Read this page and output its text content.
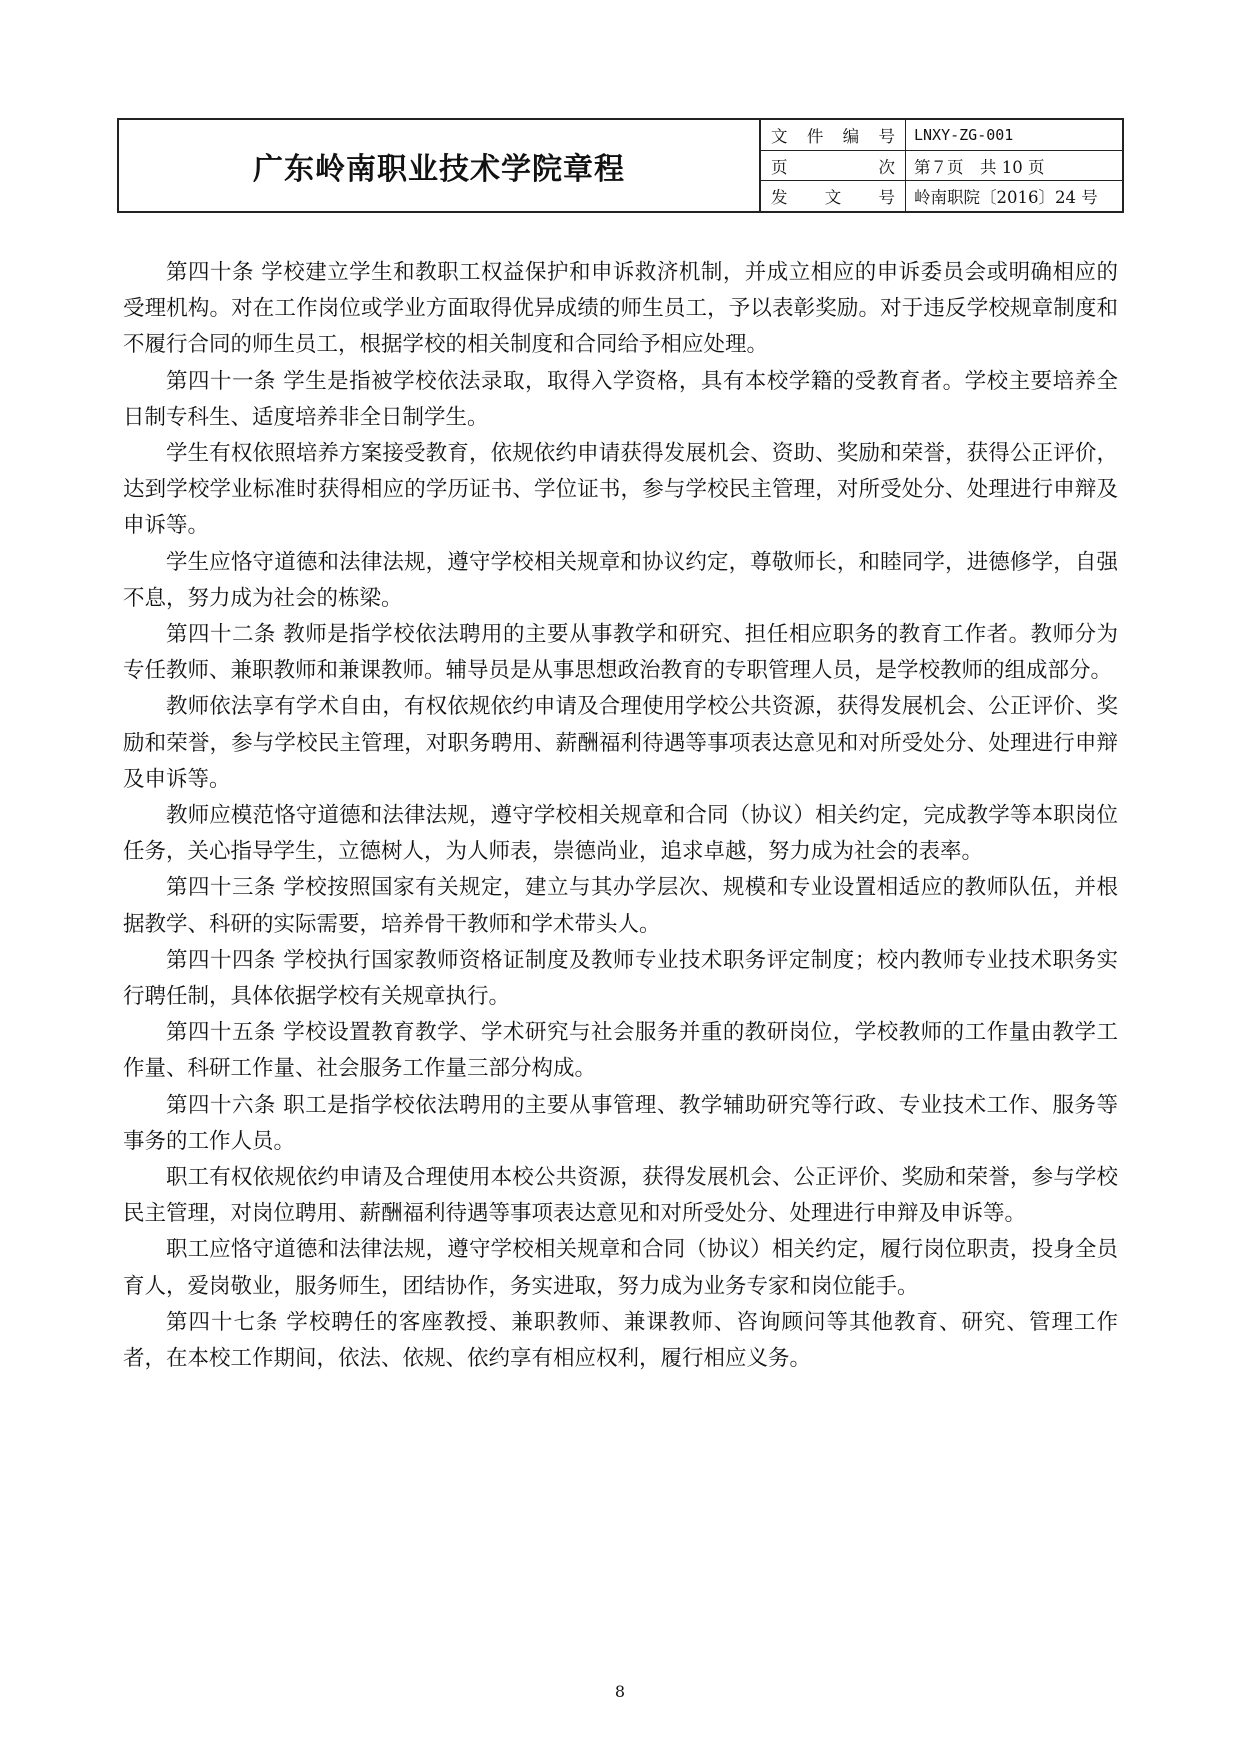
广东岭南职业技术学院章程
文 件 编 号	LNXY-ZG-001
页	次	第７页　共 10 页
发 文 号	岭南职院〔2016〕24 号

第四十条 学校建立学生和教职工权益保护和申诉救济机制，并成立相应的申诉委员会或明确相应的受理机构。对在工作岗位或学业方面取得优异成绩的师生员工，予以表彰奖励。对于违反学校规章制度和不履行合同的师生员工，根据学校的相关制度和合同给予相应处理。

第四十一条 学生是指被学校依法录取，取得入学资格，具有本校学籍的受教育者。学校主要培养全日制专科生、适度培养非全日制学生。

学生有权依照培养方案接受教育，依规依约申请获得发展机会、资助、奖励和荣誉，获得公正评价，达到学校学业标准时获得相应的学历证书、学位证书，参与学校民主管理，对所受处分、处理进行申辩及申诉等。

学生应恪守道德和法律法规，遵守学校相关规章和协议约定，尊敬师长，和睦同学，进德修学，自强不息，努力成为社会的栋梁。

第四十二条 教师是指学校依法聘用的主要从事教学和研究、担任相应职务的教育工作者。教师分为专任教师、兼职教师和兼课教师。辅导员是从事思想政治教育的专职管理人员，是学校教师的组成部分。

教师依法享有学术自由，有权依规依约申请及合理使用学校公共资源，获得发展机会、公正评价、奖励和荣誉，参与学校民主管理，对职务聘用、薪酬福利待遇等事项表达意见和对所受处分、处理进行申辩及申诉等。

教师应模范恪守道德和法律法规，遵守学校相关规章和合同（协议）相关约定，完成教学等本职岗位任务，关心指导学生，立德树人，为人师表，崇德尚业，追求卓越，努力成为社会的表率。

第四十三条 学校按照国家有关规定，建立与其办学层次、规模和专业设置相适应的教师队伍，并根据教学、科研的实际需要，培养骨干教师和学术带头人。

第四十四条 学校执行国家教师资格证制度及教师专业技术职务评定制度；校内教师专业技术职务实行聘任制，具体依据学校有关规章执行。

第四十五条 学校设置教育教学、学术研究与社会服务并重的教研岗位，学校教师的工作量由教学工作量、科研工作量、社会服务工作量三部分构成。

第四十六条 职工是指学校依法聘用的主要从事管理、教学辅助研究等行政、专业技术工作、服务等事务的工作人员。

职工有权依规依约申请及合理使用本校公共资源，获得发展机会、公正评价、奖励和荣誉，参与学校民主管理，对岗位聘用、薪酬福利待遇等事项表达意见和对所受处分、处理进行申辩及申诉等。

职工应恪守道德和法律法规，遵守学校相关规章和合同（协议）相关约定，履行岗位职责，投身全员育人，爱岗敬业，服务师生，团结协作，务实进取，努力成为业务专家和岗位能手。

第四十七条 学校聘任的客座教授、兼职教师、兼课教师、咨询顾问等其他教育、研究、管理工作者，在本校工作期间，依法、依规、依约享有相应权利，履行相应义务。

8
